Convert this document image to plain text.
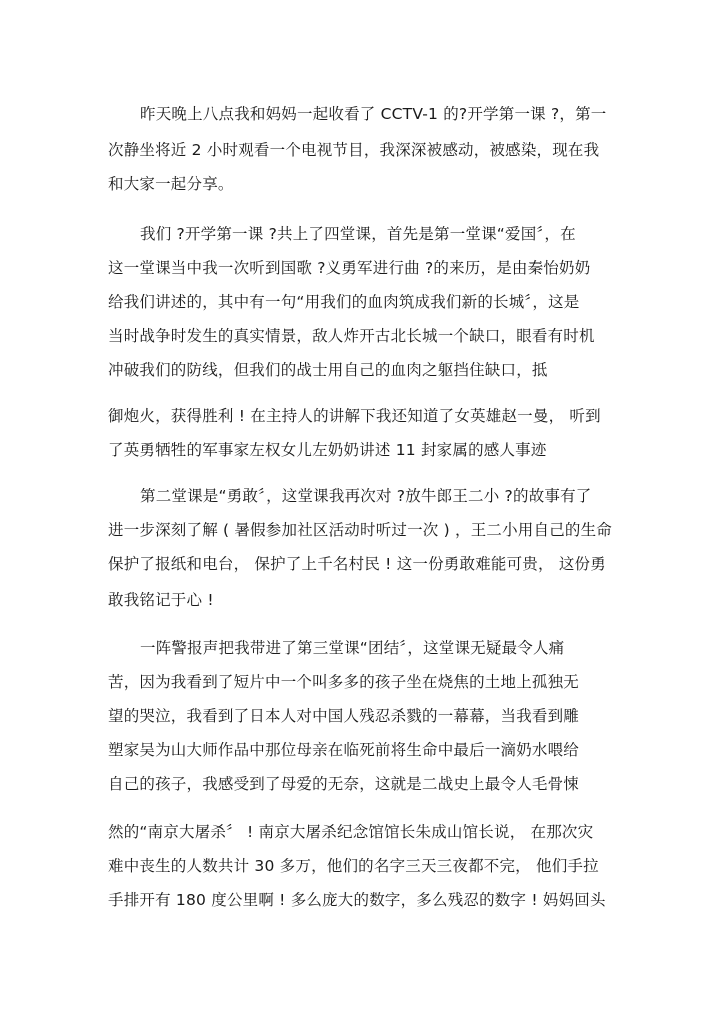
昨天晚上八点我和妈妈一起收看了 CCTV-1 的?开学第一课 ?，第一
次静坐将近 2 小时观看一个电视节目，我深深被感动，被感染，现在我
和大家一起分享。
我们 ?开学第一课 ?共上了四堂课，首先是第一堂课“爱国〞，在
这一堂课当中我一次听到国歌 ?义勇军进行曲 ?的来历，是由秦怡奶奶
给我们讲述的，其中有一句“用我们的血肉筑成我们新的长城〞，这是
当时战争时发生的真实情景，敌人炸开古北长城一个缺口，眼看有时机
冲破我们的防线，但我们的战士用自己的血肉之躯挡住缺口，抵
御炮火，获得胜利 ! 在主持人的讲解下我还知道了女英雄赵一曼， 听到
了英勇牺牲的军事家左权女儿左奶奶讲述 11 封家属的感人事迹
第二堂课是“勇敢〞，这堂课我再次对 ?放牛郎王二小 ?的故事有了
进一步深刻了解 ( 暑假参加社区活动时听过一次 ) ，王二小用自己的生命
保护了报纸和电台， 保护了上千名村民 ! 这一份勇敢难能可贵， 这份勇
敢我铭记于心 !
一阵警报声把我带进了第三堂课“团结〞，这堂课无疑最令人痛
苦，因为我看到了短片中一个叫多多的孩子坐在烧焦的土地上孤独无
望的哭泣，我看到了日本人对中国人残忍杀戮的一幕幕，当我看到雕
塑家吴为山大师作品中那位母亲在临死前将生命中最后一滴奶水喂给
自己的孩子，我感受到了母爱的无奈，这就是二战史上最令人毛骨悚
然的“南京大屠杀〞 ! 南京大屠杀纪念馆馆长朱成山馆长说， 在那次灾
难中丧生的人数共计 30 多万，他们的名字三天三夜都不完， 他们手拉
手排开有 180 度公里啊 ! 多么庞大的数字，多么残忍的数字 ! 妈妈回头
